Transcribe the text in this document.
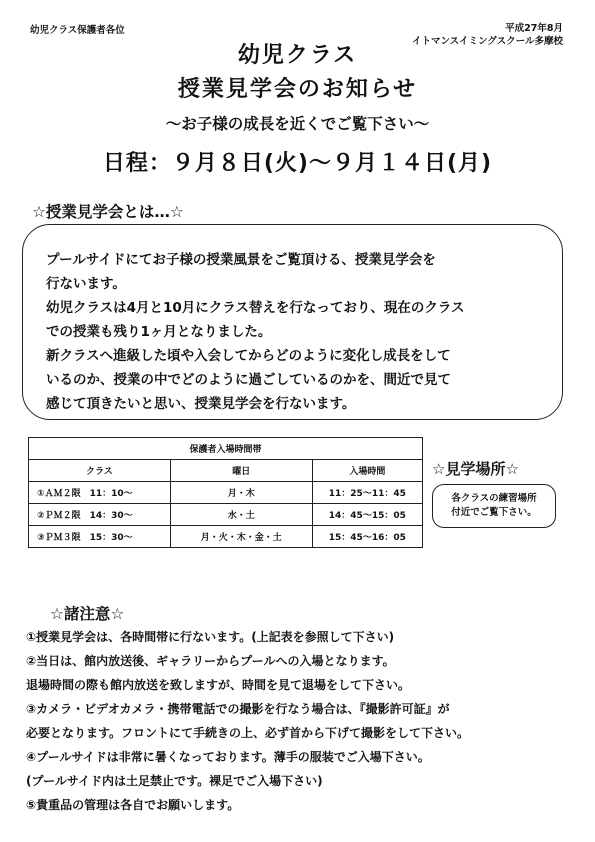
幼児クラス保護者各位	平成27年8月
イトマンスイミングスクール多摩校
幼児クラス
授業見学会のお知らせ
～お子様の成長を近くでご覧下さい～
日程：９月８日(火)～９月１４日(月)
☆授業見学会とは…☆
プールサイドにてお子様の授業風景をご覧頂ける、授業見学会を
行ないます。
幼児クラスは4月と10月にクラス替えを行なっており、現在のクラス
での授業も残り1ヶ月となりました。
新クラスへ進級した頃や入会してからどのように変化し成長をして
いるのか、授業の中でどのように過ごしているのかを、間近で見て
感じて頂きたいと思い、授業見学会を行ないます。
保護者入場時間帯		
クラス	曜日	入場時間
①ＡＭ２限　11：10～	月・木	11：25～11：45
②ＰＭ２限　14：30～	水・土	14：45～15：05
③ＰＭ３限　15：30～	月・火・木・金・土	15：45～16：05
☆見学場所☆
各クラスの練習場所
付近でご覧下さい。
☆諸注意☆
①授業見学会は、各時間帯に行ないます。(上記表を参照して下さい)
②当日は、館内放送後、ギャラリーからプールへの入場となります。
退場時間の際も館内放送を致しますが、時間を見て退場をして下さい。
③カメラ・ビデオカメラ・携帯電話での撮影を行なう場合は、『撮影許可証』が
必要となります。フロントにて手続きの上、必ず首から下げて撮影をして下さい。
④プールサイドは非常に暑くなっております。薄手の服装でご入場下さい。
(プールサイド内は土足禁止です。裸足でご入場下さい)
⑤貴重品の管理は各自でお願いします。
